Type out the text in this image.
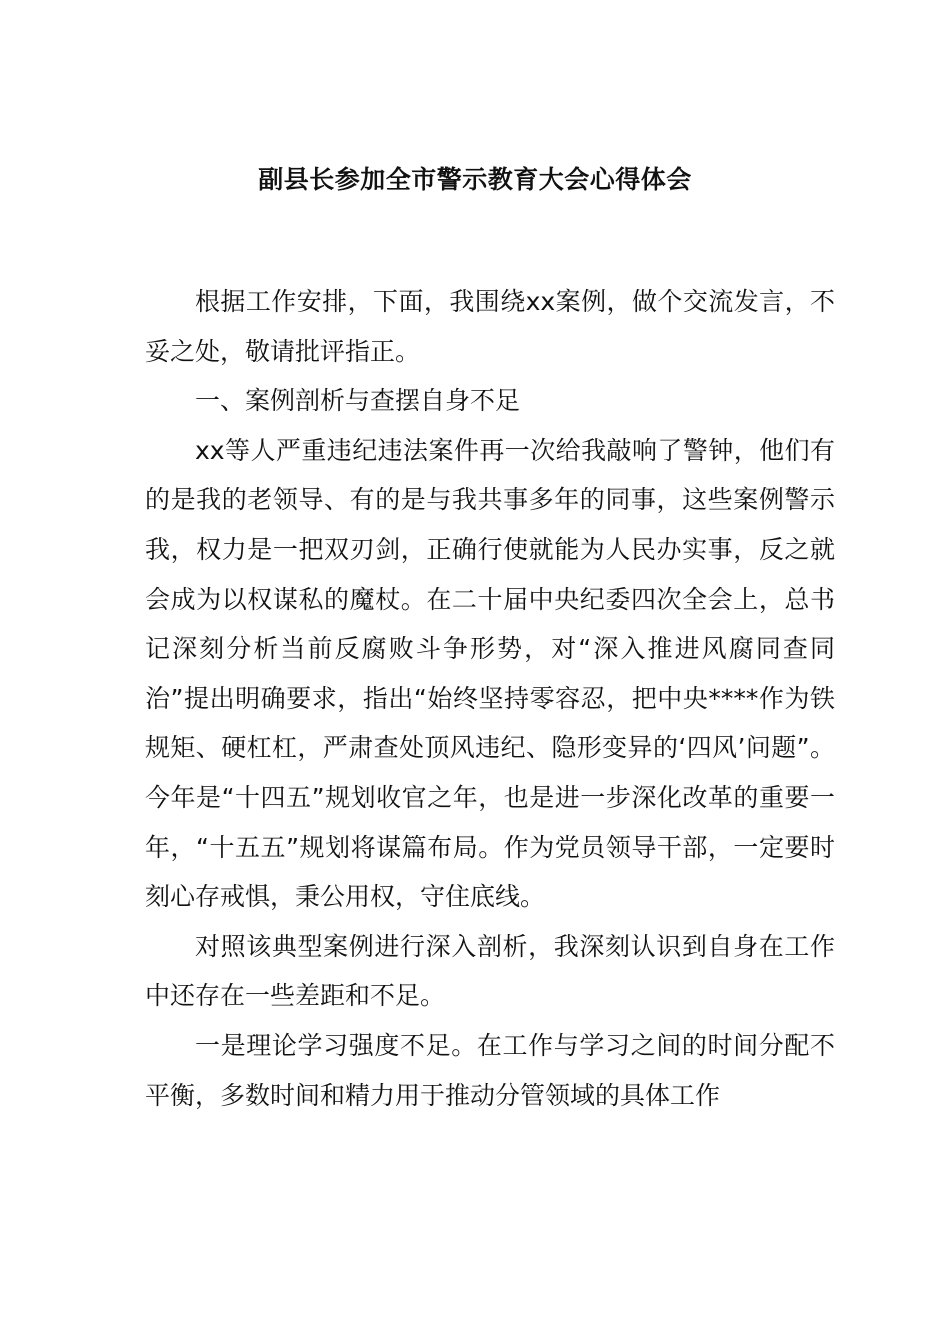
副县长参加全市警示教育大会心得体会

根据工作安排，下面，我围绕xx案例，做个交流发言，不妥之处，敬请批评指正。

一、案例剖析与查摆自身不足

xx等人严重违纪违法案件再一次给我敲响了警钟，他们有的是我的老领导、有的是与我共事多年的同事，这些案例警示我，权力是一把双刃剑，正确行使就能为人民办实事，反之就会成为以权谋私的魔杖。在二十届中央纪委四次全会上，总书记深刻分析当前反腐败斗争形势，对“深入推进风腐同查同治”提出明确要求，指出“始终坚持零容忍，把中央****作为铁规矩、硬杠杠，严肃查处顶风违纪、隐形变异的‘四风’问题”。今年是“十四五”规划收官之年，也是进一步深化改革的重要一年，“十五五”规划将谋篇布局。作为党员领导干部，一定要时刻心存戒惧，秉公用权，守住底线。

对照该典型案例进行深入剖析，我深刻认识到自身在工作中还存在一些差距和不足。

一是理论学习强度不足。在工作与学习之间的时间分配不平衡，多数时间和精力用于推动分管领域的具体工作
